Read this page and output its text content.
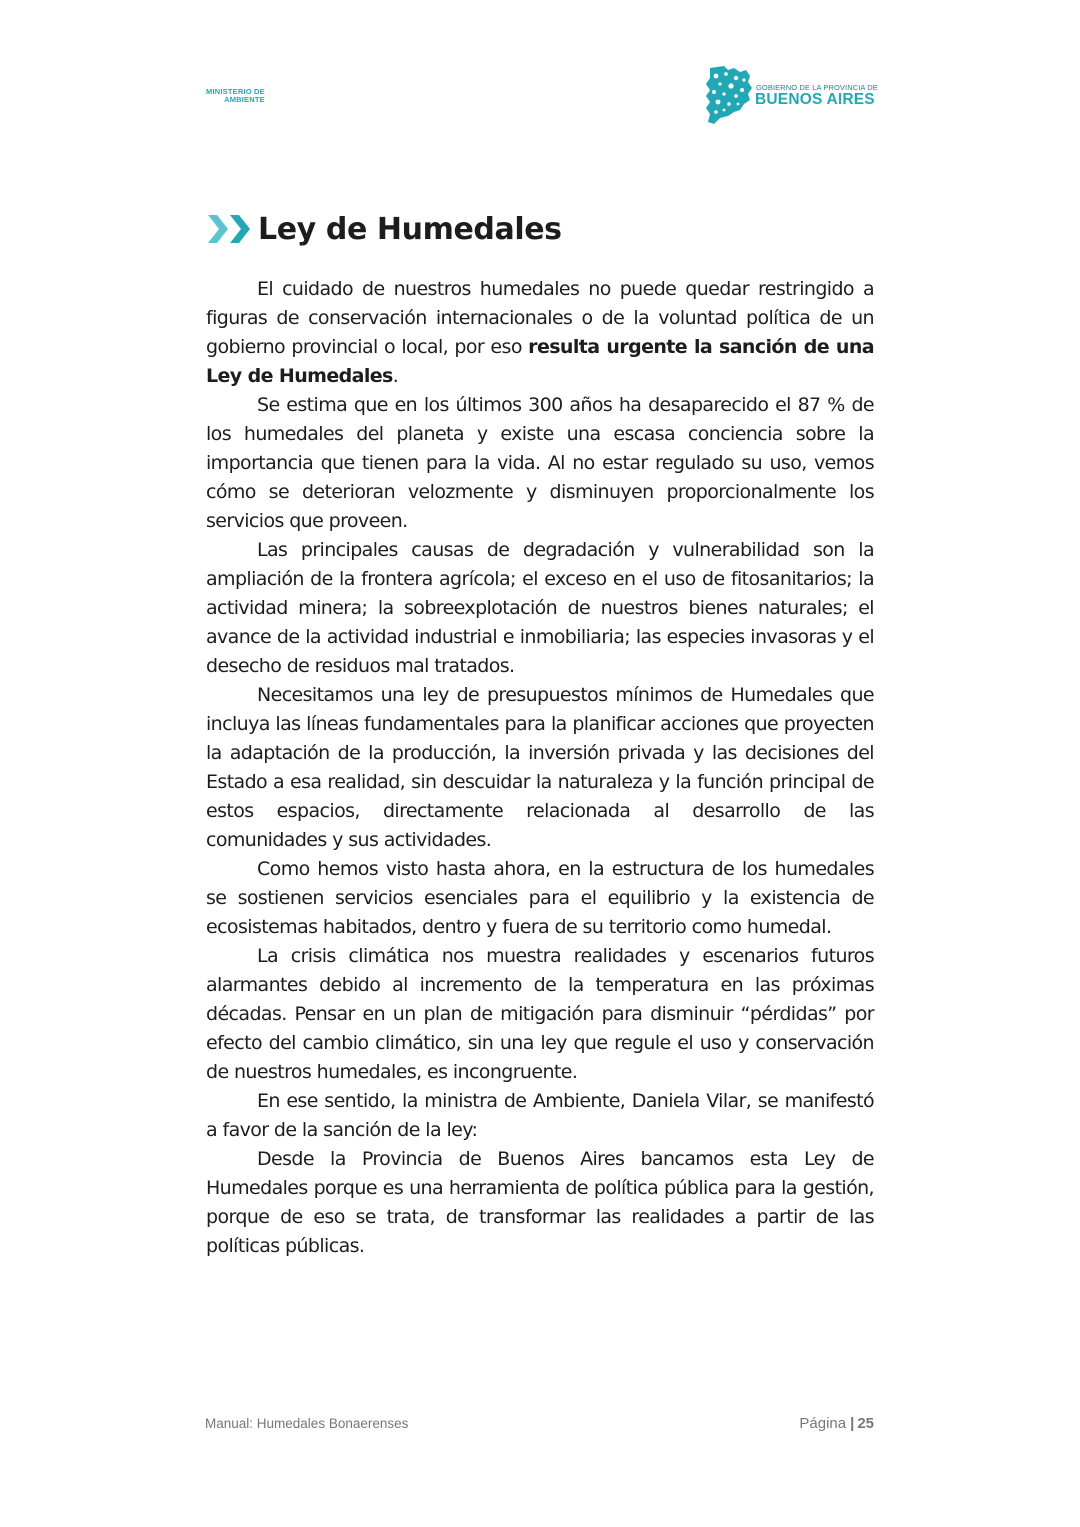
MINISTERIO DE
AMBIENTE
GOBIERNO DE LA PROVINCIA DE
BUENOS AIRES
Ley de Humedales

El cuidado de nuestros humedales no puede quedar restringido a figuras de conservación internacionales o de la voluntad política de un gobierno provincial o local, por eso resulta urgente la sanción de una Ley de Humedales.

Se estima que en los últimos 300 años ha desaparecido el 87 % de los humedales del planeta y existe una escasa conciencia sobre la importancia que tienen para la vida. Al no estar regulado su uso, vemos cómo se deterioran velozmente y disminuyen proporcionalmente los servicios que proveen.

Las principales causas de degradación y vulnerabilidad son la ampliación de la frontera agrícola; el exceso en el uso de fitosanitarios; la actividad minera; la sobreexplotación de nuestros bienes naturales; el avance de la actividad industrial e inmobiliaria; las especies invasoras y el desecho de residuos mal tratados.

Necesitamos una ley de presupuestos mínimos de Humedales que incluya las líneas fundamentales para la planificar acciones que proyecten la adaptación de la producción, la inversión privada y las decisiones del Estado a esa realidad, sin descuidar la naturaleza y la función principal de estos espacios, directamente relacionada al desarrollo de las comunidades y sus actividades.

Como hemos visto hasta ahora, en la estructura de los humedales se sostienen servicios esenciales para el equilibrio y la existencia de ecosistemas habitados, dentro y fuera de su territorio como humedal.

La crisis climática nos muestra realidades y escenarios futuros alarmantes debido al incremento de la temperatura en las próximas décadas. Pensar en un plan de mitigación para disminuir “pérdidas” por efecto del cambio climático, sin una ley que regule el uso y conservación de nuestros humedales, es incongruente.

En ese sentido, la ministra de Ambiente, Daniela Vilar, se manifestó a favor de la sanción de la ley:

Desde la Provincia de Buenos Aires bancamos esta Ley de Humedales porque es una herramienta de política pública para la gestión, porque de eso se trata, de transformar las realidades a partir de las políticas públicas.

Manual: Humedales Bonaerenses	Página | 25
